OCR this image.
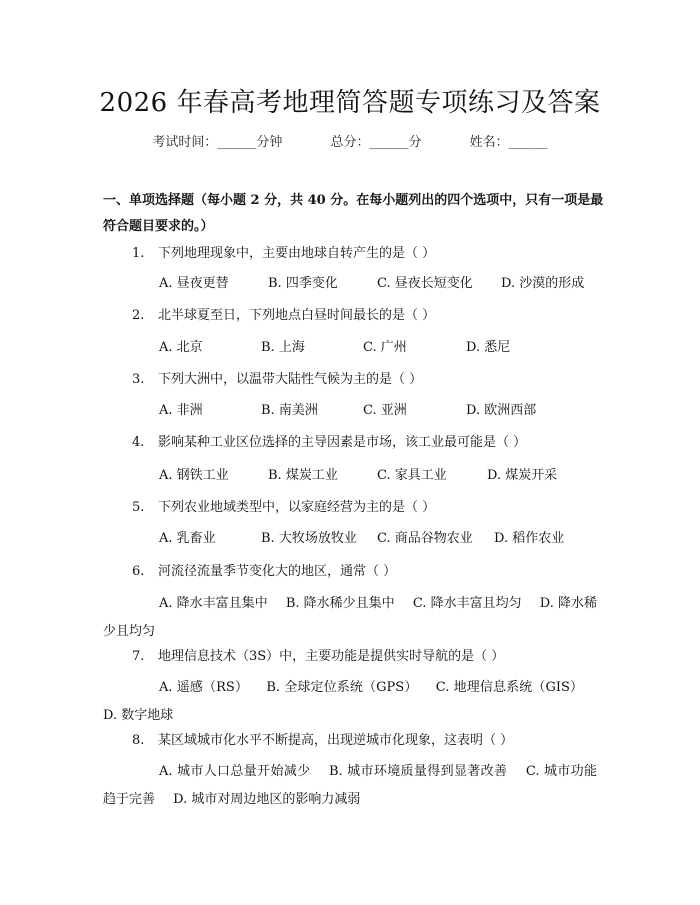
2026 年春高考地理简答题专项练习及答案
考试时间：______分钟	总分：______分	姓名：______
一、单项选择题（每小题 2 分，共 40 分。在每小题列出的四个选项中，只有一项是最符合题目要求的。）
1. 下列地理现象中，主要由地球自转产生的是（ ）
A. 昼夜更替	B. 四季变化	C. 昼夜长短变化 D. 沙漠的形成
2. 北半球夏至日，下列地点白昼时间最长的是（ ）
A. 北京	B. 上海	C. 广州	D. 悉尼
3. 下列大洲中，以温带大陆性气候为主的是（ ）
A. 非洲	B. 南美洲	C. 亚洲	D. 欧洲西部
4. 影响某种工业区位选择的主导因素是市场，该工业最可能是（ ）
A. 钢铁工业	B. 煤炭工业	C. 家具工业	D. 煤炭开采
5. 下列农业地域类型中，以家庭经营为主的是（ ）
A. 乳畜业	B. 大牧场放牧业 C. 商品谷物农业 D. 稻作农业
6. 河流径流量季节变化大的地区，通常（ ）
A. 降水丰富且集中 B. 降水稀少且集中 C. 降水丰富且均匀 D. 降水稀少且均匀
7. 地理信息技术（3S）中，主要功能是提供实时导航的是（ ）
A. 遥感（RS） B. 全球定位系统（GPS） C. 地理信息系统（GIS） D. 数字地球
8. 某区域城市化水平不断提高，出现逆城市化现象，这表明（ ）
A. 城市人口总量开始减少 B. 城市环境质量得到显著改善 C. 城市功能趋于完善 D. 城市对周边地区的影响力减弱
